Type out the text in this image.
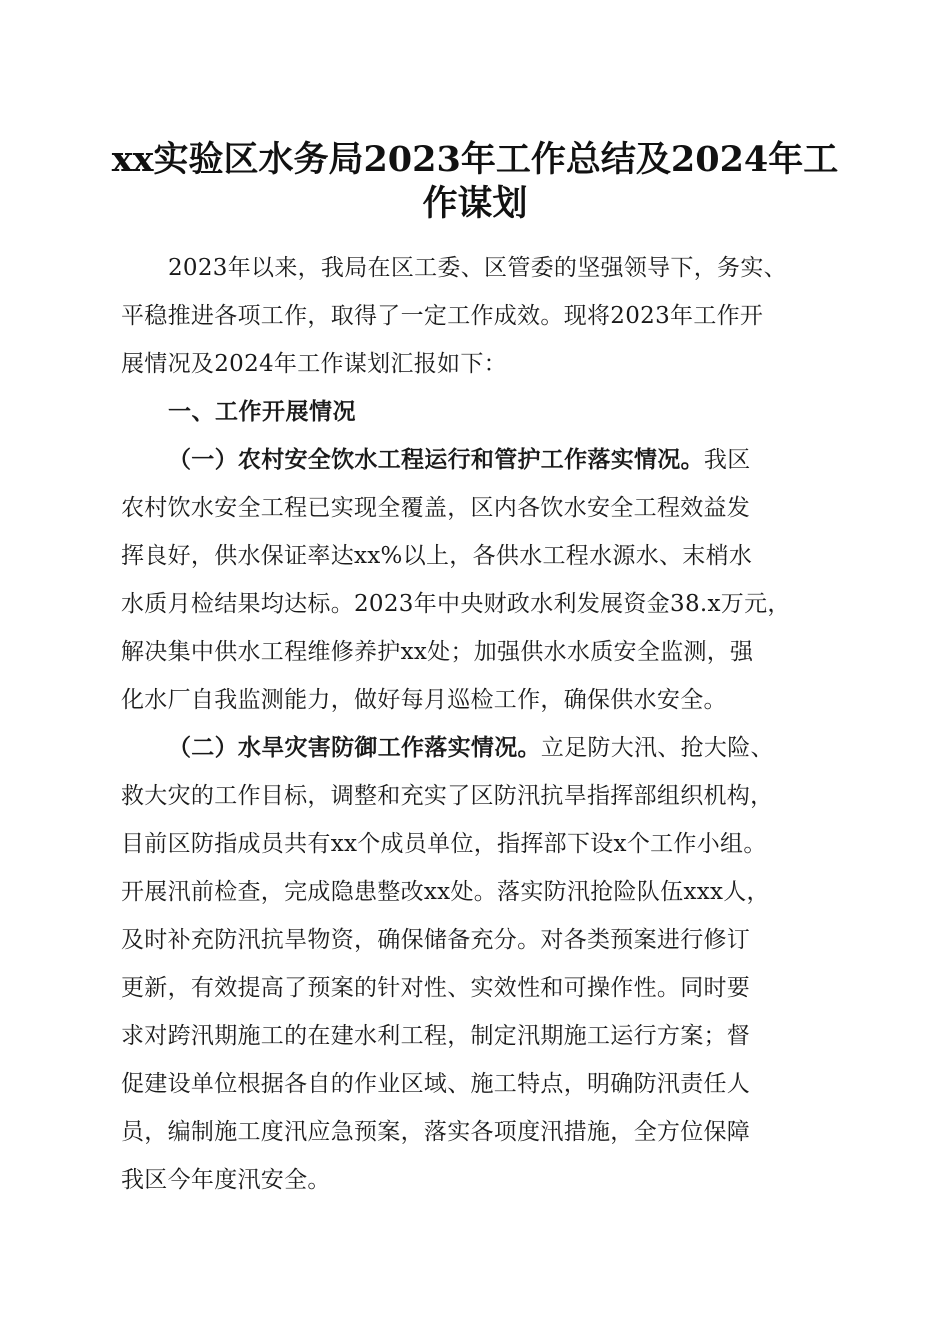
xx实验区水务局2023年工作总结及2024年工
作谋划

2023年以来，我局在区工委、区管委的坚强领导下，务实、

平稳推进各项工作，取得了一定工作成效。现将2023年工作开

展情况及2024年工作谋划汇报如下：

一、工作开展情况

（一）农村安全饮水工程运行和管护工作落实情况。我区

农村饮水安全工程已实现全覆盖，区内各饮水安全工程效益发

挥良好，供水保证率达xx%以上，各供水工程水源水、末梢水

水质月检结果均达标。2023年中央财政水利发展资金38.x万元，

解决集中供水工程维修养护xx处；加强供水水质安全监测，强

化水厂自我监测能力，做好每月巡检工作，确保供水安全。

（二）水旱灾害防御工作落实情况。立足防大汛、抢大险、

救大灾的工作目标，调整和充实了区防汛抗旱指挥部组织机构，

目前区防指成员共有xx个成员单位，指挥部下设x个工作小组。

开展汛前检查，完成隐患整改xx处。落实防汛抢险队伍xxx人，

及时补充防汛抗旱物资，确保储备充分。对各类预案进行修订

更新，有效提高了预案的针对性、实效性和可操作性。同时要

求对跨汛期施工的在建水利工程，制定汛期施工运行方案；督

促建设单位根据各自的作业区域、施工特点，明确防汛责任人

员，编制施工度汛应急预案，落实各项度汛措施，全方位保障

我区今年度汛安全。
